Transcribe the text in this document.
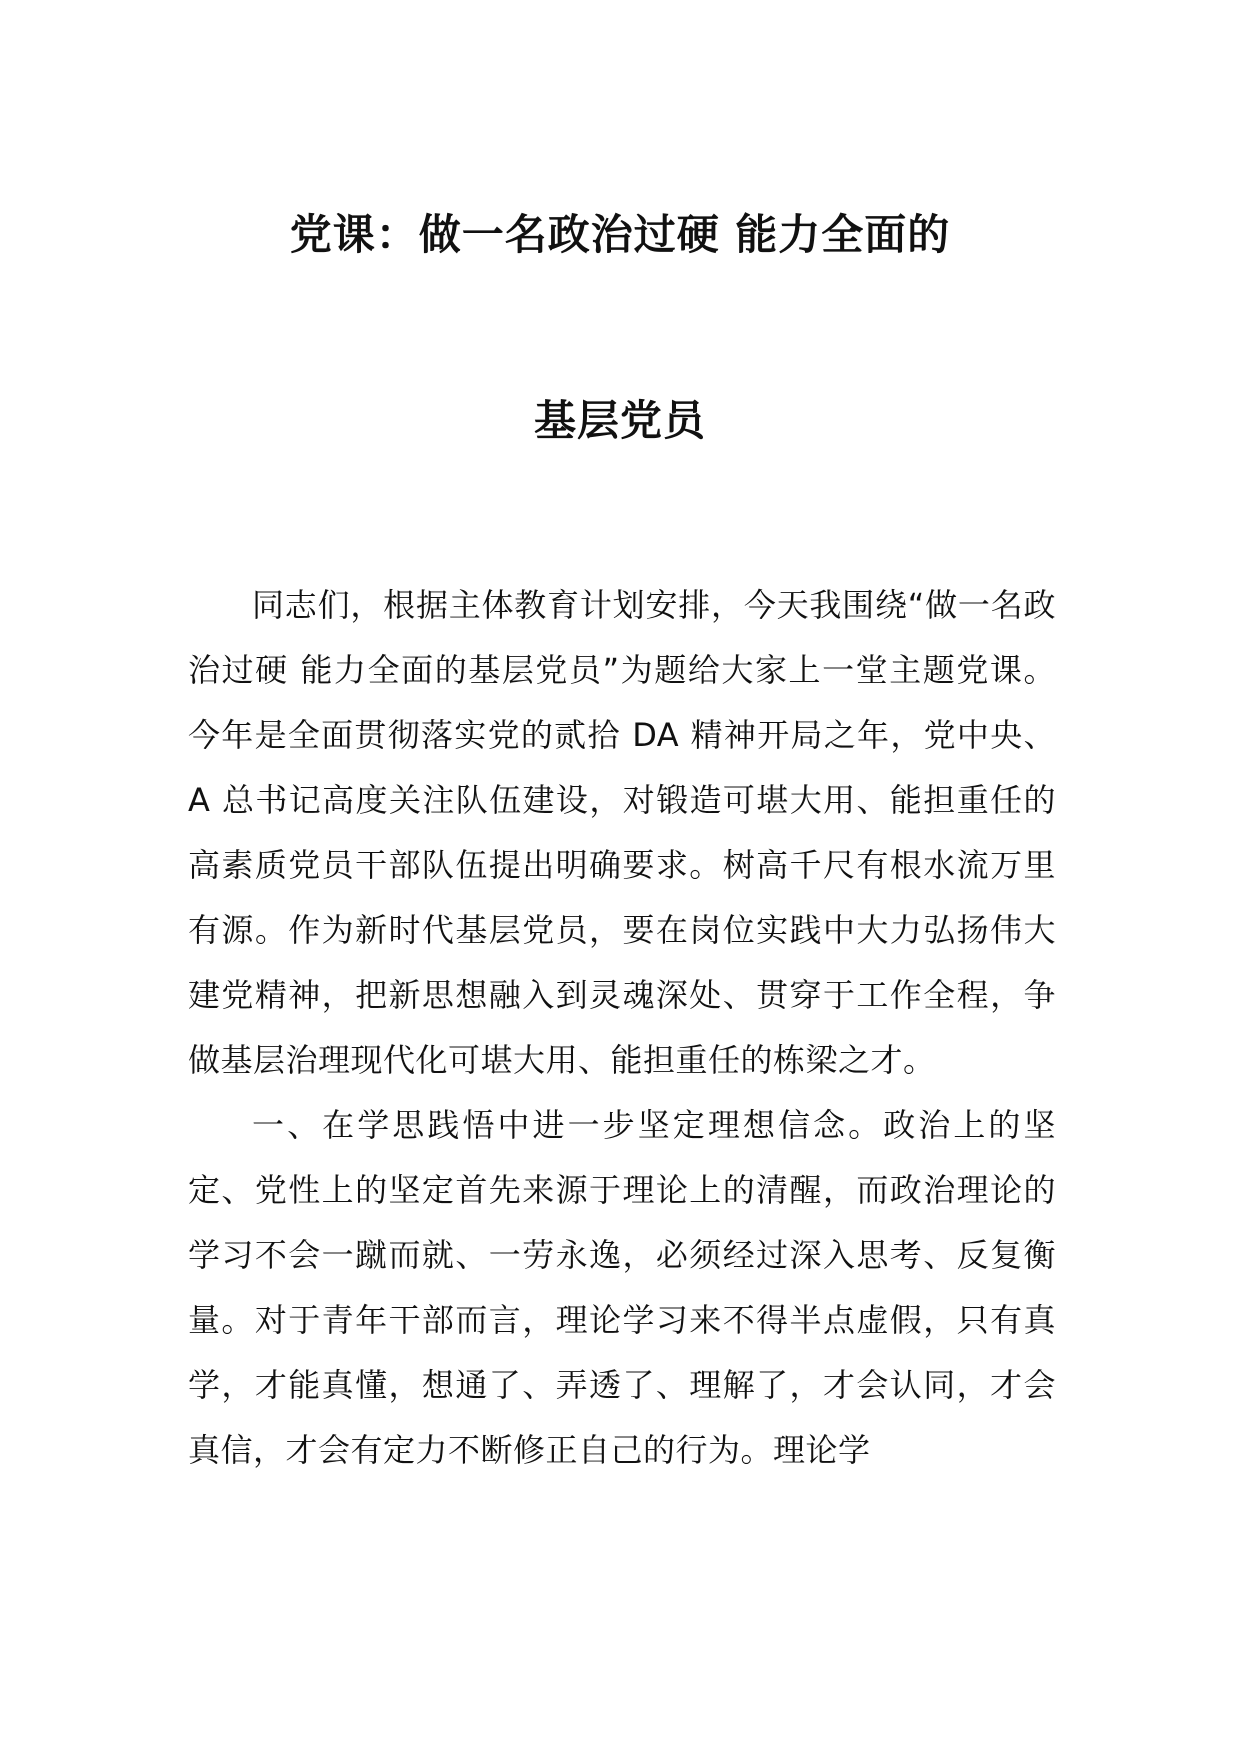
党课：做一名政治过硬 能力全面的
基层党员

同志们，根据主体教育计划安排，今天我围绕“做一名政治过硬 能力全面的基层党员”为题给大家上一堂主题党课。今年是全面贯彻落实党的贰拾 DA 精神开局之年，党中央、A 总书记高度关注队伍建设，对锻造可堪大用、能担重任的高素质党员干部队伍提出明确要求。树高千尺有根水流万里有源。作为新时代基层党员，要在岗位实践中大力弘扬伟大建党精神，把新思想融入到灵魂深处、贯穿于工作全程，争做基层治理现代化可堪大用、能担重任的栋梁之才。

一、在学思践悟中进一步坚定理想信念。政治上的坚定、党性上的坚定首先来源于理论上的清醒，而政治理论的学习不会一蹴而就、一劳永逸，必须经过深入思考、反复衡量。对于青年干部而言，理论学习来不得半点虚假，只有真学，才能真懂，想通了、弄透了、理解了，才会认同，才会真信，才会有定力不断修正自己的行为。理论学
